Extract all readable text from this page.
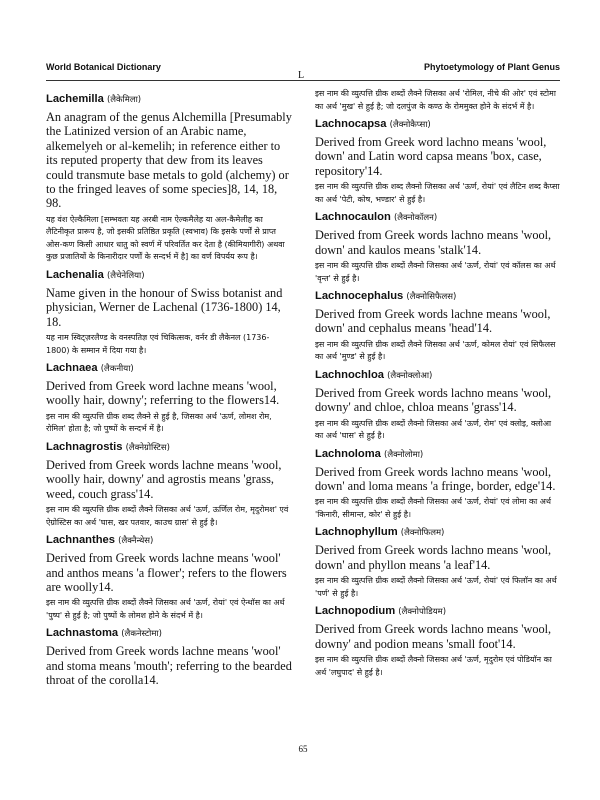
World Botanical Dictionary
L
Phytoetymology of Plant Genus
Lachemilla (लैकेमिला)

An anagram of the genus Alchemilla [Presumably the Latinized version of an Arabic name, alkemelyeh or al-kemelih; in reference either to its reputed property that dew from its leaves could transmute base metals to gold (alchemy) or to the fringed leaves of some species]8, 14, 18, 98.

यह वंश ऐल्कैमिला [सम्भवतः यह अरबी नाम ऐल्कमैलेह या अल-कैमेलीह का लैटिनीकृत प्रारूप है, जो इसकी प्रतिष्ठित प्रकृति (स्वभाव) कि इसके पर्णों से प्राप्त ओस-कण किसी आधार धातु को स्वर्ण में परिवर्तित कर देता है (कीमियागीरी) अथवा कुछ प्रजातियों के किनारीदार पर्णों के सन्दर्भ में है] का वर्ण विपर्यय रूप है।

Lachenalia (लैचेनेलिया)

Name given in the honour of Swiss botanist and physician, Werner de Lachenal (1736-1800) 14, 18.

यह नाम स्विट्ज़रलैण्ड के वनस्पतिज्ञ एवं चिकित्सक, वर्नर डी लैकेनल (1736-1800) के सम्मान में दिया गया है।

Lachnaea (लैकनीया)

Derived from Greek word lachne means 'wool, woolly hair, downy'; referring to the flowers14.

इस नाम की व्युत्पत्ति ग्रीक शब्द लैक्ने से हुई है, जिसका अर्थ 'ऊर्ण, लोमश रोम, रोमिल' होता है; जो पुष्पों के सन्दर्भ में है।

Lachnagrostis (लैक्नेग्रोस्टिस)

Derived from Greek words lachne means 'wool, woolly hair, downy' and agrostis means 'grass, weed, couch grass'14.

इस नाम की व्युत्पत्ति ग्रीक शब्दों लैक्ने जिसका अर्थ 'ऊर्ण, ऊर्णिल रोम, मृदुरोमश' एवं ऐग्रोस्टिस का अर्थ 'घास, खर पतवार, काउच ग्रास' से हुई है।

Lachnanthes (लैक्नैन्थेस)

Derived from Greek words lachne means 'wool' and anthos means 'a flower'; refers to the flowers are woolly14.

इस नाम की व्युत्पत्ति ग्रीक शब्दों लैक्ने जिसका अर्थ 'ऊर्ण, रोयां' एवं ऐन्थॉस का अर्थ 'पुष्प' से हुई है; जो पुष्पों के लोमश होने के संदर्भ में है।

Lachnastoma (लैकनेस्टोमा)

Derived from Greek words lachne means 'wool' and stoma means 'mouth'; referring to the bearded throat of the corolla14.

इस नाम की व्युत्पत्ति ग्रीक शब्दों लैक्ने जिसका अर्थ 'रोमिल, नीचे की ओर' एवं स्टोमा का अर्थ 'मुख' से हुई है; जो दलपुंज के कण्ठ के रोममुक्त होने के संदर्भ में है।

Lachnocapsa (लैक्नोकैप्सा)

Derived from Greek word lachno means 'wool, down' and Latin word capsa means 'box, case, repository'14.

इस नाम की व्युत्पत्ति ग्रीक शब्द लैक्नो जिसका अर्थ 'ऊर्ण, रोयां' एवं लैटिन शब्द कैप्सा का अर्थ 'पेटी, कोष, भण्डार' से हुई है।

Lachnocaulon (लैक्नोकॉलन)

Derived from Greek words lachno means 'wool, down' and kaulos means 'stalk'14.

इस नाम की व्युत्पत्ति ग्रीक शब्दों लैक्नो जिसका अर्थ 'ऊर्ण, रोयां' एवं कॉलस का अर्थ 'वृन्त' से हुई है।

Lachnocephalus (लैक्नोसिफैलस)

Derived from Greek words lachne means 'wool, down' and cephalus means 'head'14.

इस नाम की व्युत्पत्ति ग्रीक शब्दों लैक्ने जिसका अर्थ 'ऊर्ण, कोमल रोयां' एवं सिफैलस का अर्थ 'मुण्ड' से हुई है।

Lachnochloa (लैक्नोक्लोआ)

Derived from Greek words lachno means 'wool, downy' and chloe, chloa means 'grass'14.

इस नाम की व्युत्पत्ति ग्रीक शब्दों लैक्नो जिसका अर्थ 'ऊर्ण, रोम' एवं क्लोइ, क्लोआ का अर्थ 'घास' से हुई है।

Lachnoloma (लैक्नोलोमा)

Derived from Greek words lachno means 'wool, down' and loma means 'a fringe, border, edge'14.

इस नाम की व्युत्पत्ति ग्रीक शब्दों लैक्नो जिसका अर्थ 'ऊर्ण, रोयां' एवं लोमा का अर्थ 'किनारी, सीमान्त, कोर' से हुई है।

Lachnophyllum (लैक्नोफिलम)

Derived from Greek words lachno means 'wool, down' and phyllon means 'a leaf'14.

इस नाम की व्युत्पत्ति ग्रीक शब्दों लैक्नो जिसका अर्थ 'ऊर्ण, रोयां' एवं फिलॉन का अर्थ 'पर्ण' से हुई है।

Lachnopodium (लैक्नोपोडियम)

Derived from Greek words lachno means 'wool, downy' and podion means 'small foot'14.

इस नाम की व्युत्पत्ति ग्रीक शब्दों लैक्नो जिसका अर्थ 'ऊर्ण, मृदुरोम एवं पोडियॉन का अर्थ 'लघुपाद' से हुई है।

65
